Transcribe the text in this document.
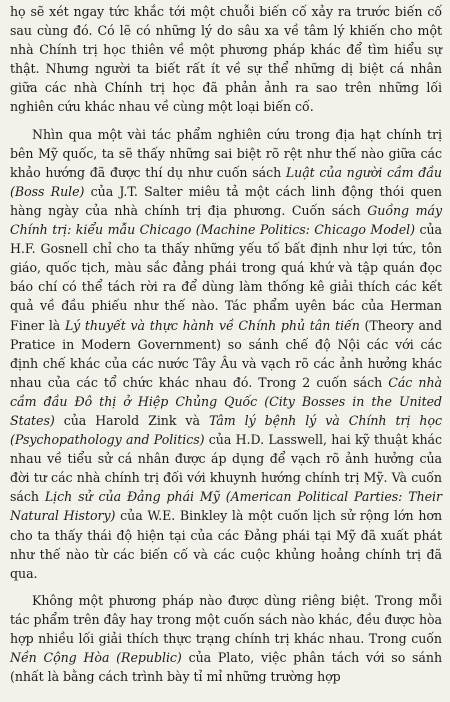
họ sẽ xét ngay tức khắc tới một chuỗi biến cố xảy ra trước biến cố sau cùng đó. Có lẽ có những lý do sâu xa về tâm lý khiến cho một nhà Chính trị học thiên về một phương pháp khác để tìm hiểu sự thật. Nhưng người ta biết rất ít về sự thể những dị biệt cá nhân giữa các nhà Chính trị học đã phản ảnh ra sao trên những lối nghiên cứu khác nhau về cùng một loại biến cố.

Nhìn qua một vài tác phẩm nghiên cứu trong địa hạt chính trị bên Mỹ quốc, ta sẽ thấy những sai biệt rõ rệt như thế nào giữa các khảo hướng đã được thí dụ như cuốn sách Luật của người cầm đầu (Boss Rule) của J.T. Salter miêu tả một cách linh động thói quen hàng ngày của nhà chính trị địa phương. Cuốn sách Guồng máy Chính trị: kiểu mẫu Chicago (Machine Politics: Chicago Model) của H.F. Gosnell chỉ cho ta thấy những yếu tố bất định như lợi tức, tôn giáo, quốc tịch, màu sắc đảng phái trong quá khứ và tập quán đọc báo chí có thể tách rời ra để dùng làm thống kê giải thích các kết quả về đầu phiếu như thế nào. Tác phẩm uyên bác của Herman Finer là Lý thuyết và thực hành về Chính phủ tân tiến (Theory and Pratice in Modern Government) so sánh chế độ Nội các với các định chế khác của các nước Tây Âu và vạch rõ các ảnh hưởng khác nhau của các tổ chức khác nhau đó. Trong 2 cuốn sách Các nhà cầm đầu Đô thị ở Hiệp Chủng Quốc (City Bosses in the United States) của Harold Zink và Tâm lý bệnh lý và Chính trị học (Psychopathology and Politics) của H.D. Lasswell, hai kỹ thuật khác nhau về tiểu sử cá nhân được áp dụng để vạch rõ ảnh hưởng của đời tư các nhà chính trị đối với khuynh hướng chính trị Mỹ. Và cuốn sách Lịch sử của Đảng phái Mỹ (American Political Parties: Their Natural History) của W.E. Binkley là một cuốn lịch sử rộng lớn hơn cho ta thấy thái độ hiện tại của các Đảng phái tại Mỹ đã xuất phát như thế nào từ các biến cố và các cuộc khủng hoảng chính trị đã qua.

Không một phương pháp nào được dùng riêng biệt. Trong mỗi tác phẩm trên đây hay trong một cuốn sách nào khác, đều được hòa hợp nhiều lối giải thích thực trạng chính trị khác nhau. Trong cuốn Nền Cộng Hòa (Republic) của Plato, việc phân tách với so sánh (nhất là bằng cách trình bày tỉ mỉ những trường hợp
